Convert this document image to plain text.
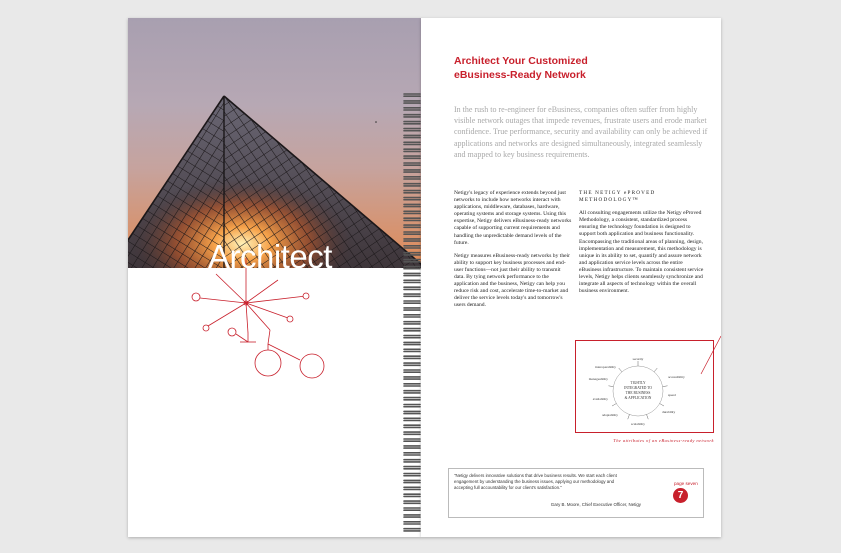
Architect
Architect Your Customized
eBusiness-Ready Network
In the rush to re-engineer for eBusiness, companies often suffer from highly visible network outages that impede revenues, frustrate users and erode market confidence. True performance, security and availability can only be achieved if applications and networks are designed simultaneously, integrated seamlessly and mapped to key business requirements.

Netigy's legacy of experience extends beyond just networks to include how networks interact with applications, middleware, databases, hardware, operating systems and storage systems. Using this expertise, Netigy delivers eBusiness-ready networks capable of supporting current requirements and handling the unpredictable demand levels of the future.

Netigy measures eBusiness-ready networks by their ability to support key business processes and end-user functions—not just their ability to transmit data. By tying network performance to the application and the business, Netigy can help you reduce risk and cost, accelerate time-to-market and deliver the service levels today's and tomorrow's users demand.

THE NETIGY ePROVED METHODOLOGY™

All consulting engagements utilize the Netigy eProved Methodology, a consistent, standardized process ensuring the technology foundation is designed to support both application and business functionality. Encompassing the traditional areas of planning, design, implementation and measurement, this methodology is unique in its ability to set, quantify and assure network and application service levels across the entire eBusiness infrastructure. To maintain consistent service levels, Netigy helps clients seamlessly synchronize and integrate all aspects of technology within the overall business environment.

TIGHTLY
INTEGRATED TO
THE BUSINESS
& APPLICATION
security
interoperability
accessibility
manageability
speed
availability
durability
adaptability
scalability
The attributes of an eBusiness-ready network
"Netigy delivers innovative solutions that drive business results. We start each client engagement by understanding the business issues, applying our methodology and accepting full accountability for our client's satisfaction."
Gary B. Moore, Chief Executive Officer, Netigy
page seven
7
